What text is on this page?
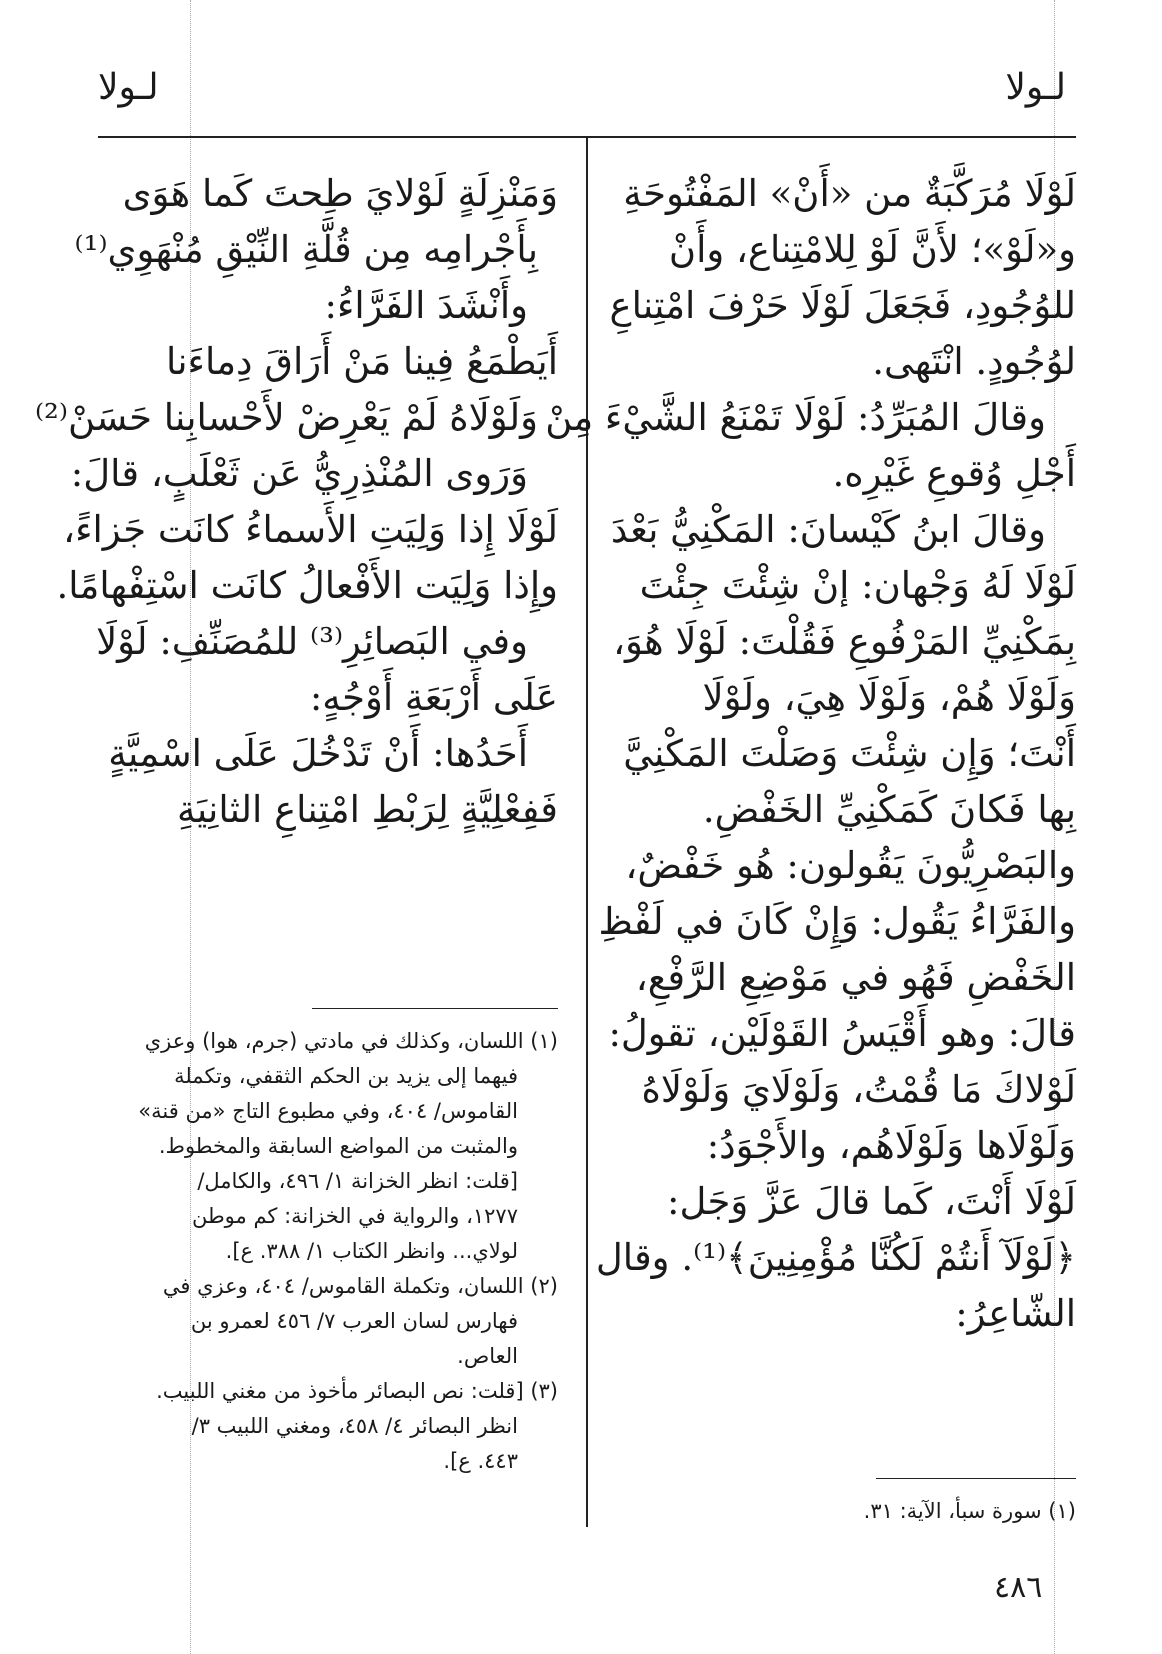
لـولا
لـولا
لَوْلَا مُرَكَّبَةٌ من «أَنْ» المَفْتُوحَةِ
و«لَوْ»؛ لأَنَّ لَوْ لِلامْتِناع، وأَنْ
للوُجُودِ، فَجَعَلَ لَوْلَا حَرْفَ امْتِناعِ
لوُجُودٍ. انْتَهى.
وقالَ المُبَرِّدُ: لَوْلَا تَمْنَعُ الشَّيْءَ مِنْ
أَجْلِ وُقوعِ غَيْرِه.
وقالَ ابنُ كَيْسانَ: المَكْنِيُّ بَعْدَ
لَوْلَا لَهُ وَجْهان: إنْ شِئْتَ جِئْتَ
بِمَكْنِيِّ المَرْفُوعِ فَقُلْتَ: لَوْلَا هُوَ،
وَلَوْلَا هُمْ، وَلَوْلَا هِيَ، ولَوْلَا
أَنْتَ؛ وَإِن شِئْتَ وَصَلْتَ المَكْنِيَّ
بِها فَكانَ كَمَكْنِيِّ الخَفْضِ.
والبَصْرِيُّونَ يَقُولون: هُو خَفْضٌ،
والفَرَّاءُ يَقُول: وَإِنْ كَانَ في لَفْظِ
الخَفْضِ فَهُو في مَوْضِعِ الرَّفْعِ،
قالَ: وهو أَقْيَسُ القَوْلَيْن، تقولُ:
لَوْلاكَ مَا قُمْتُ، وَلَوْلَايَ وَلَوْلَاهُ
وَلَوْلَاها وَلَوْلَاهُم، والأَجْوَدُ:
لَوْلَا أَنْتَ، كَما قالَ عَزَّ وَجَل:
﴿لَوْلَآ أَنتُمْ لَكُنَّا مُؤْمِنِينَ﴾⁽¹⁾. وقال
الشّاعِرُ:
وَمَنْزِلَةٍ لَوْلايَ طِحتَ كَما هَوَى
بِأَجْرامِه مِن قُلَّةِ النِّيْقِ مُنْهَوِي⁽¹⁾
وأَنْشَدَ الفَرَّاءُ:
أَيَطْمَعُ فِينا مَنْ أَرَاقَ دِماءَنا
وَلَوْلَاهُ لَمْ يَعْرِضْ لأَحْسابِنا حَسَنْ⁽²⁾
وَرَوى المُنْذِرِيُّ عَن ثَعْلَبٍ، قالَ:
لَوْلَا إِذا وَلِيَتِ الأَسماءُ كانَت جَزاءً،
وإِذا وَلِيَت الأَفْعالُ كانَت اسْتِفْهامًا.
وفي البَصائِرِ⁽³⁾ للمُصَنِّفِ: لَوْلَا
عَلَى أَرْبَعَةِ أَوْجُهٍ:
أَحَدُها: أَنْ تَدْخُلَ عَلَى اسْمِيَّةٍ
فَفِعْلِيَّةٍ لِرَبْطِ امْتِناعِ الثانِيَةِ
(١) اللسان، وكذلك في مادتي (جرم، هوا) وعزي
فيهما إلى يزيد بن الحكم الثقفي، وتكملة
القاموس/ ٤٠٤، وفي مطبوع التاج «من قنة»
والمثبت من المواضع السابقة والمخطوط.
[قلت: انظر الخزانة ١/ ٤٩٦، والكامل/
١٢٧٧، والرواية في الخزانة: كم موطن
لولاي... وانظر الكتاب ١/ ٣٨٨. ع].
(٢) اللسان، وتكملة القاموس/ ٤٠٤، وعزي في
فهارس لسان العرب ٧/ ٤٥٦ لعمرو بن
العاص.
(٣) [قلت: نص البصائر مأخوذ من مغني اللبيب.
انظر البصائر ٤/ ٤٥٨، ومغني اللبيب ٣/
٤٤٣. ع].
(١) سورة سبأ، الآية: ٣١.
٤٨٦
